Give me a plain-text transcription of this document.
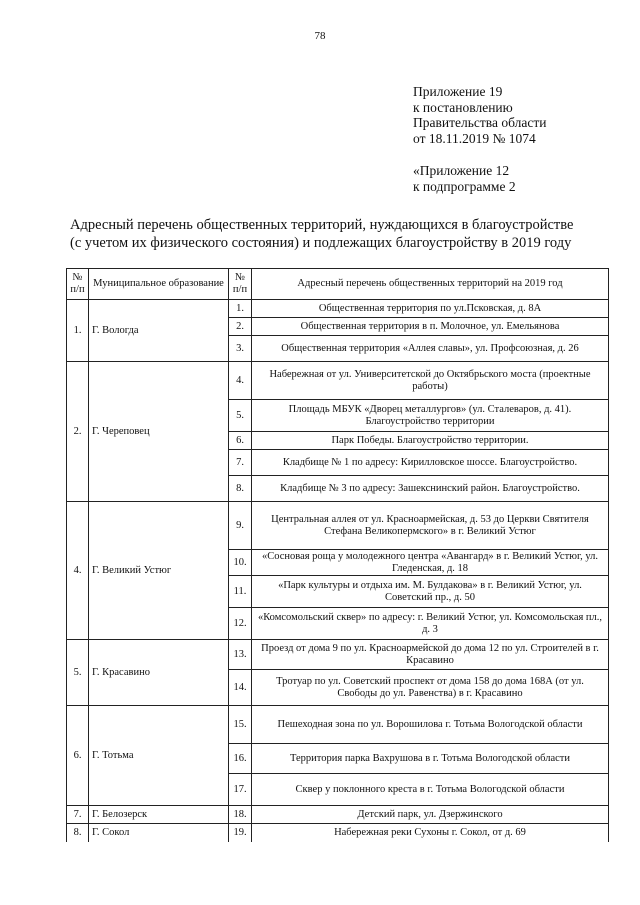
78
Приложение 19
к постановлению
Правительства области
от 18.11.2019 № 1074
«Приложение 12
к подпрограмме 2
Адресный перечень общественных территорий, нуждающихся в благоустройстве
(с учетом их физического состояния) и подлежащих благоустройству в 2019 году
№ п/п	Муниципальное образование	№ п/п	Адресный перечень общественных территорий на 2019 год
1.	Г. Вологда	1.	Общественная территория по ул.Псковская, д. 8А
		2.	Общественная территория в п. Молочное, ул. Емельянова
		3.	Общественная территория «Аллея славы», ул. Профсоюзная, д. 26
2.	Г. Череповец	4.	Набережная от ул. Университетской до Октябрьского моста (проектные работы)
		5.	Площадь МБУК «Дворец металлургов» (ул. Сталеваров, д. 41). Благоустройство территории
		6.	Парк Победы. Благоустройство территории.
		7.	Кладбище № 1 по адресу: Кирилловское шоссе. Благоустройство.
		8.	Кладбище № 3 по адресу: Зашекснинский район. Благоустройство.
4.	Г. Великий Устюг	9.	Центральная аллея от ул. Красноармейская, д. 53 до Церкви Святителя Стефана Великопермского» в г. Великий Устюг
		10.	«Сосновая роща у молодежного центра «Авангард» в г. Великий Устюг, ул. Гледенская, д. 18
		11.	«Парк культуры и отдыха им. М. Булдакова» в г. Великий Устюг, ул. Советский пр., д. 50
		12.	«Комсомольский сквер» по адресу: г. Великий Устюг, ул. Комсомольская пл., д. 3
5.	Г. Красавино	13.	Проезд от дома 9 по ул. Красноармейской до дома 12 по ул. Строителей в г. Красавино
		14.	Тротуар по ул. Советский проспект от дома 158 до дома 168А (от ул. Свободы до ул. Равенства) в г. Красавино
6.	Г. Тотьма	15.	Пешеходная зона по ул. Ворошилова г. Тотьма Вологодской области
		16.	Территория парка Вахрушова в г. Тотьма Вологодской области
		17.	Сквер у поклонного креста в г. Тотьма Вологодской области
7.	Г. Белозерск	18.	Детский парк, ул. Дзержинского
8.	Г. Сокол	19.	Набережная реки Сухоны г. Сокол, от д. 69
